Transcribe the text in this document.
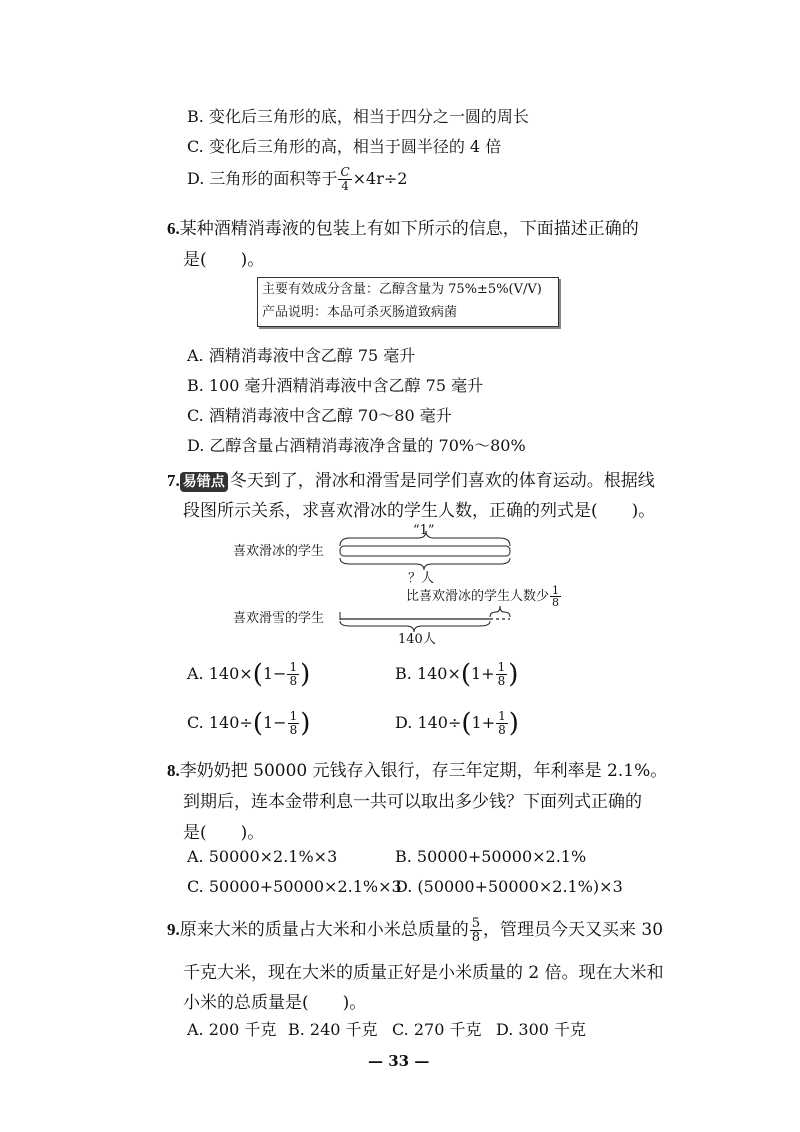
B. 变化后三角形的底，相当于四分之一圆的周长
C. 变化后三角形的高，相当于圆半径的 4 倍
D. 三角形的面积等于 $\frac{C}{4} \times 4r\div 2$
6.某种酒精消毒液的包装上有如下所示的信息，下面描述正确的
是(　　)。
主要有效成分含量：乙醇含量为 75%±5%(V/V)
产品说明：本品可杀灭肠道致病菌
A. 酒精消毒液中含乙醇 75 毫升
B. 100 毫升酒精消毒液中含乙醇 75 毫升
C. 酒精消毒液中含乙醇 70～80 毫升
D. 乙醇含量占酒精消毒液净含量的 70%～80%
7. 易错点 冬天到了，滑冰和滑雪是同学们喜欢的体育运动。根据线
段图所示关系，求喜欢滑冰的学生人数，正确的列式是(　　)。
喜欢滑冰的学生
“1”
？人
比喜欢滑冰的学生人数少 $\frac{1}{8}$
喜欢滑雪的学生
140人
A. $140\times(1- \frac{1}{8}$ )	B. $140\times(1+ \frac{1}{8}$ )
C. $140\div(1- \frac{1}{8}$ )	D. $140\div(1+ \frac{1}{8}$ )
8.李奶奶把 50000 元钱存入银行，存三年定期，年利率是 2.1%。
到期后，连本金带利息一共可以取出多少钱？下面列式正确的
是(　　)。
A. 50000×2.1%×3	B. 50000+50000×2.1%
C. 50000+50000×2.1%×3
D. (50000+50000×2.1%)×3
9.原来大米的质量占大米和小米总质量的 $\frac{5}{8}$ ，管理员今天又买来 30
千克大米，现在大米的质量正好是小米质量的 2 倍。现在大米和
小米的总质量是(　　)。
A. 200 千克 B. 240 千克 C. 270 千克 D. 300 千克
— 33 —
